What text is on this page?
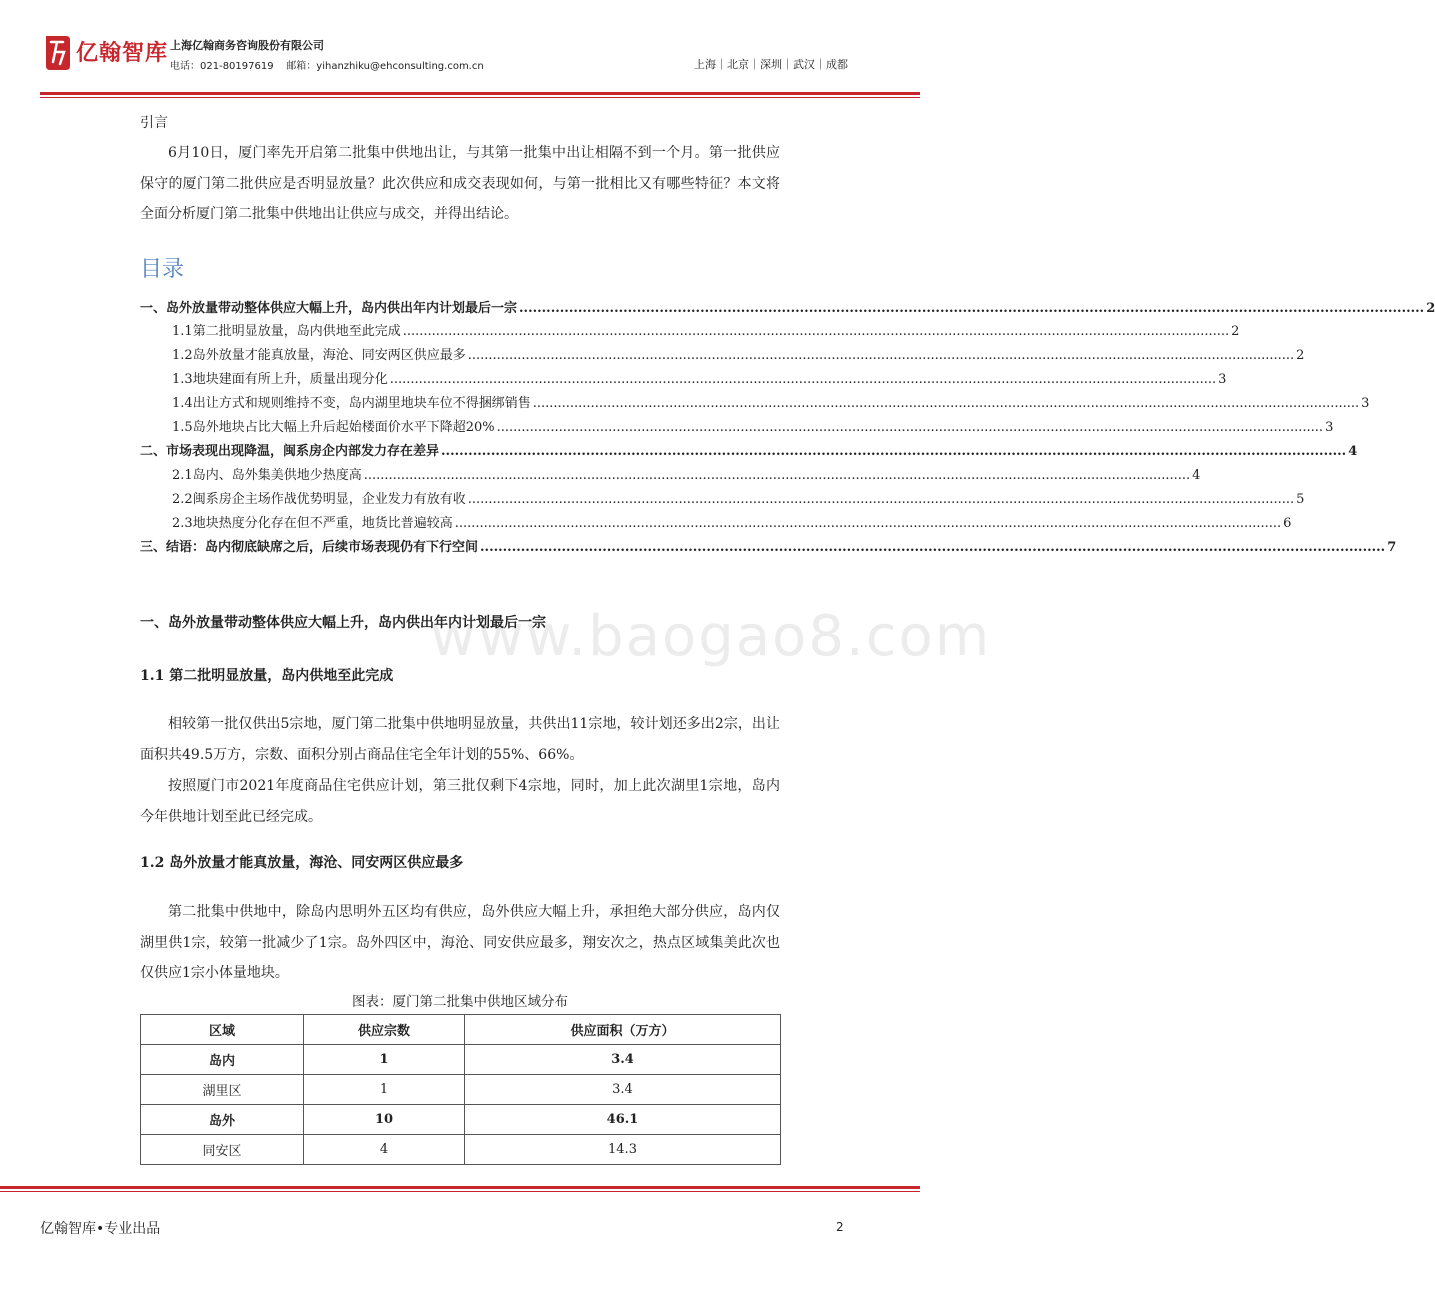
亿翰智库 上海亿翰商务咨询股份有限公司
电话：021-80197619    邮箱：yihanzhiku@ehconsulting.com.cn	上海｜北京｜深圳｜武汉｜成都
引言
6月10日，厦门率先开启第二批集中供地出让，与其第一批集中出让相隔不到一个月。第一批供应保守的厦门第二批供应是否明显放量？此次供应和成交表现如何，与第一批相比又有哪些特征？本文将全面分析厦门第二批集中供地出让供应与成交，并得出结论。
目录
一、 岛外放量带动整体供应大幅上升，岛内供出年内计划最后一宗 .....	2
1.1 第二批明显放量，岛内供地至此完成 .....	2
1.2 岛外放量才能真放量，海沧、同安两区供应最多 .....	2
1.3 地块建面有所上升，质量出现分化 .....	3
1.4 出让方式和规则维持不变，岛内湖里地块车位不得捆绑销售 .....	3
1.5 岛外地块占比大幅上升后起始楼面价水平下降超20% .....	3
二、 市场表现出现降温，闽系房企内部发力存在差异 .....	4
2.1 岛内、岛外集美供地少热度高 .....	4
2.2 闽系房企主场作战优势明显，企业发力有放有收 .....	5
2.3 地块热度分化存在但不严重，地货比普遍较高 .....	6
三、 结语：岛内彻底缺席之后，后续市场表现仍有下行空间 .....	7
www.baogao8.com
一、岛外放量带动整体供应大幅上升，岛内供出年内计划最后一宗
1.1 第二批明显放量，岛内供地至此完成
相较第一批仅供出5宗地，厦门第二批集中供地明显放量，共供出11宗地，较计划还多出2宗，出让面积共49.5万方，宗数、面积分别占商品住宅全年计划的55%、66%。
按照厦门市2021年度商品住宅供应计划，第三批仅剩下4宗地，同时，加上此次湖里1宗地，岛内今年供地计划至此已经完成。
1.2 岛外放量才能真放量，海沧、同安两区供应最多
第二批集中供地中，除岛内思明外五区均有供应，岛外供应大幅上升，承担绝大部分供应，岛内仅湖里供1宗，较第一批减少了1宗。岛外四区中，海沧、同安供应最多，翔安次之，热点区域集美此次也仅供应1宗小体量地块。
图表：厦门第二批集中供地区域分布
区域	供应宗数	供应面积（万方）
岛内	1	3.4
湖里区	1	3.4
岛外	10	46.1
同安区	4	14.3
亿翰智库•专业出品	2
